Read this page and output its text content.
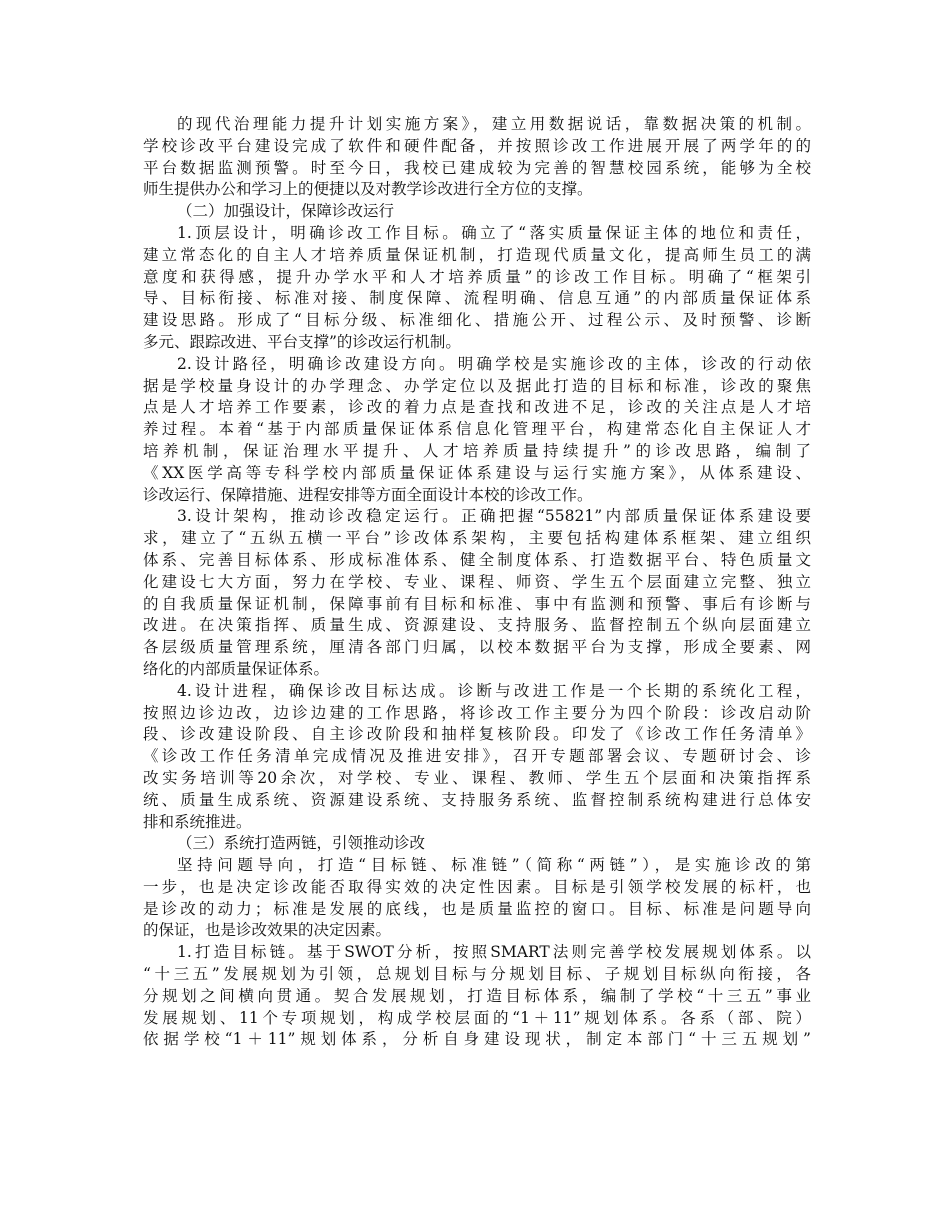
的现代治理能力提升计划实施方案》，建立用数据说话，靠数据决策的机制。
学校诊改平台建设完成了软件和硬件配备，并按照诊改工作进展开展了两学年的的
平台数据监测预警。时至今日，我校已建成较为完善的智慧校园系统，能够为全校
师生提供办公和学习上的便捷以及对教学诊改进行全方位的支撑。
（二）加强设计，保障诊改运行
1.顶层设计，明确诊改工作目标。确立了“落实质量保证主体的地位和责任，
建立常态化的自主人才培养质量保证机制，打造现代质量文化，提高师生员工的满
意度和获得感，提升办学水平和人才培养质量”的诊改工作目标。明确了“框架引
导、目标衔接、标准对接、制度保障、流程明确、信息互通”的内部质量保证体系
建设思路。形成了“目标分级、标准细化、措施公开、过程公示、及时预警、诊断
多元、跟踪改进、平台支撑”的诊改运行机制。
2.设计路径，明确诊改建设方向。明确学校是实施诊改的主体，诊改的行动依
据是学校量身设计的办学理念、办学定位以及据此打造的目标和标准，诊改的聚焦
点是人才培养工作要素，诊改的着力点是查找和改进不足，诊改的关注点是人才培
养过程。本着“基于内部质量保证体系信息化管理平台，构建常态化自主保证人才
培养机制，保证治理水平提升、人才培养质量持续提升”的诊改思路，编制了
《XX医学高等专科学校内部质量保证体系建设与运行实施方案》，从体系建设、
诊改运行、保障措施、进程安排等方面全面设计本校的诊改工作。
3.设计架构，推动诊改稳定运行。正确把握“55821”内部质量保证体系建设要
求，建立了“五纵五横一平台”诊改体系架构，主要包括构建体系框架、建立组织
体系、完善目标体系、形成标准体系、健全制度体系、打造数据平台、特色质量文
化建设七大方面，努力在学校、专业、课程、师资、学生五个层面建立完整、独立
的自我质量保证机制，保障事前有目标和标准、事中有监测和预警、事后有诊断与
改进。在决策指挥、质量生成、资源建设、支持服务、监督控制五个纵向层面建立
各层级质量管理系统，厘清各部门归属，以校本数据平台为支撑，形成全要素、网
络化的内部质量保证体系。
4.设计进程，确保诊改目标达成。诊断与改进工作是一个长期的系统化工程，
按照边诊边改，边诊边建的工作思路，将诊改工作主要分为四个阶段：诊改启动阶
段、诊改建设阶段、自主诊改阶段和抽样复核阶段。印发了《诊改工作任务清单》
《诊改工作任务清单完成情况及推进安排》，召开专题部署会议、专题研讨会、诊
改实务培训等20余次，对学校、专业、课程、教师、学生五个层面和决策指挥系
统、质量生成系统、资源建设系统、支持服务系统、监督控制系统构建进行总体安
排和系统推进。
（三）系统打造两链，引领推动诊改
坚持问题导向，打造“目标链、标准链”（简称“两链”），是实施诊改的第
一步，也是决定诊改能否取得实效的决定性因素。目标是引领学校发展的标杆，也
是诊改的动力；标准是发展的底线，也是质量监控的窗口。目标、标准是问题导向
的保证，也是诊改效果的决定因素。
1.打造目标链。基于SWOT分析，按照SMART法则完善学校发展规划体系。以
“十三五”发展规划为引领，总规划目标与分规划目标、子规划目标纵向衔接，各
分规划之间横向贯通。契合发展规划，打造目标体系，编制了学校“十三五”事业
发展规划、11个专项规划，构成学校层面的“1＋11”规划体系。各系（部、院）
依据学校“1＋11”规划体系，分析自身建设现状，制定本部门“十三五规划”
